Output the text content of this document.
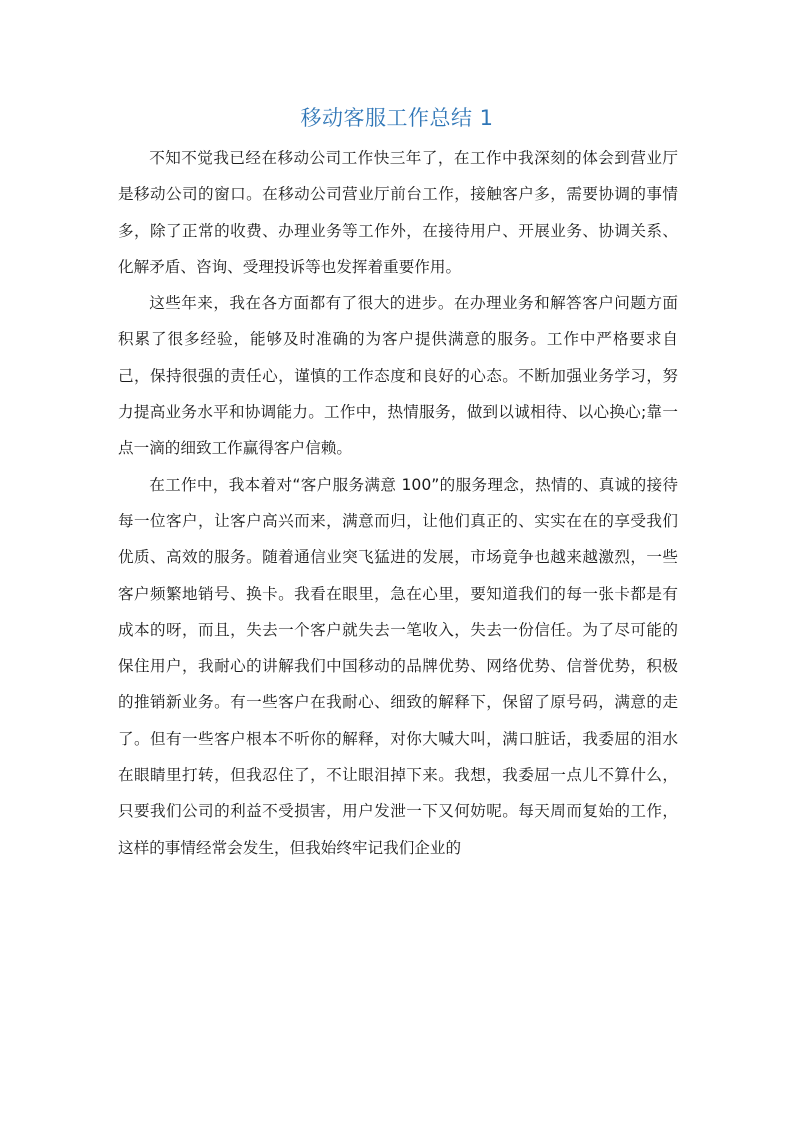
移动客服工作总结 1

不知不觉我已经在移动公司工作快三年了，在工作中我深刻的体会到营业厅是移动公司的窗口。在移动公司营业厅前台工作，接触客户多，需要协调的事情多，除了正常的收费、办理业务等工作外，在接待用户、开展业务、协调关系、化解矛盾、咨询、受理投诉等也发挥着重要作用。

这些年来，我在各方面都有了很大的进步。在办理业务和解答客户问题方面积累了很多经验，能够及时准确的为客户提供满意的服务。工作中严格要求自己，保持很强的责任心，谨慎的工作态度和良好的心态。不断加强业务学习，努力提高业务水平和协调能力。工作中，热情服务，做到以诚相待、以心换心;靠一点一滴的细致工作赢得客户信赖。

在工作中，我本着对“客户服务满意 100”的服务理念，热情的、真诚的接待每一位客户，让客户高兴而来，满意而归，让他们真正的、实实在在的享受我们优质、高效的服务。随着通信业突飞猛进的发展，市场竟争也越来越激烈，一些客户频繁地销号、换卡。我看在眼里，急在心里，要知道我们的每一张卡都是有成本的呀，而且，失去一个客户就失去一笔收入，失去一份信任。为了尽可能的保住用户，我耐心的讲解我们中国移动的品牌优势、网络优势、信誉优势，积极的推销新业务。有一些客户在我耐心、细致的解释下，保留了原号码，满意的走了。但有一些客户根本不听你的解释，对你大喊大叫，满口脏话，我委屈的泪水在眼睛里打转，但我忍住了，不让眼泪掉下来。我想，我委屈一点儿不算什么，只要我们公司的利益不受损害，用户发泄一下又何妨呢。每天周而复始的工作，这样的事情经常会发生，但我始终牢记我们企业的
